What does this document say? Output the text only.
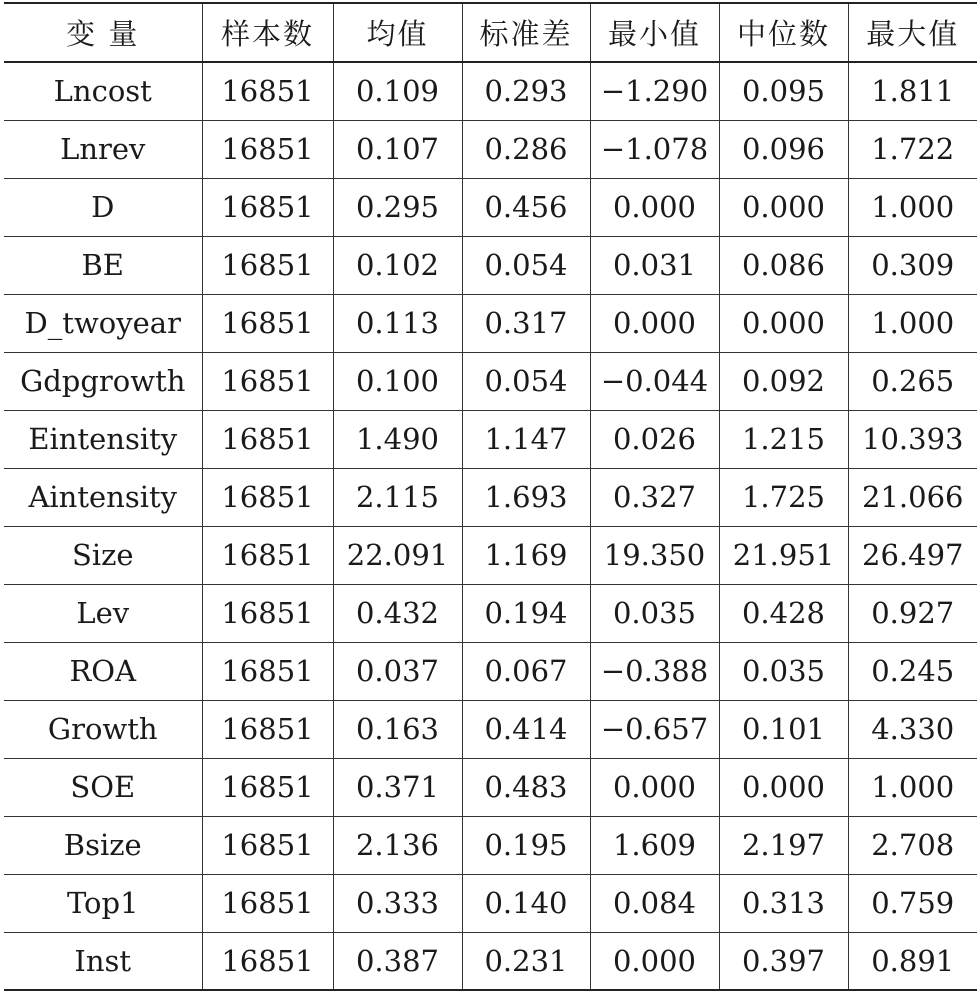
变 量	样本数	均值	标准差	最小值	中位数	最大值
Lncost	16851	0.109	0.293	−1.290	0.095	1.811
Lnrev	16851	0.107	0.286	−1.078	0.096	1.722
D	16851	0.295	0.456	0.000	0.000	1.000
BE	16851	0.102	0.054	0.031	0.086	0.309
D_twoyear	16851	0.113	0.317	0.000	0.000	1.000
Gdpgrowth	16851	0.100	0.054	−0.044	0.092	0.265
Eintensity	16851	1.490	1.147	0.026	1.215	10.393
Aintensity	16851	2.115	1.693	0.327	1.725	21.066
Size	16851	22.091	1.169	19.350	21.951	26.497
Lev	16851	0.432	0.194	0.035	0.428	0.927
ROA	16851	0.037	0.067	−0.388	0.035	0.245
Growth	16851	0.163	0.414	−0.657	0.101	4.330
SOE	16851	0.371	0.483	0.000	0.000	1.000
Bsize	16851	2.136	0.195	1.609	2.197	2.708
Top1	16851	0.333	0.140	0.084	0.313	0.759
Inst	16851	0.387	0.231	0.000	0.397	0.891
